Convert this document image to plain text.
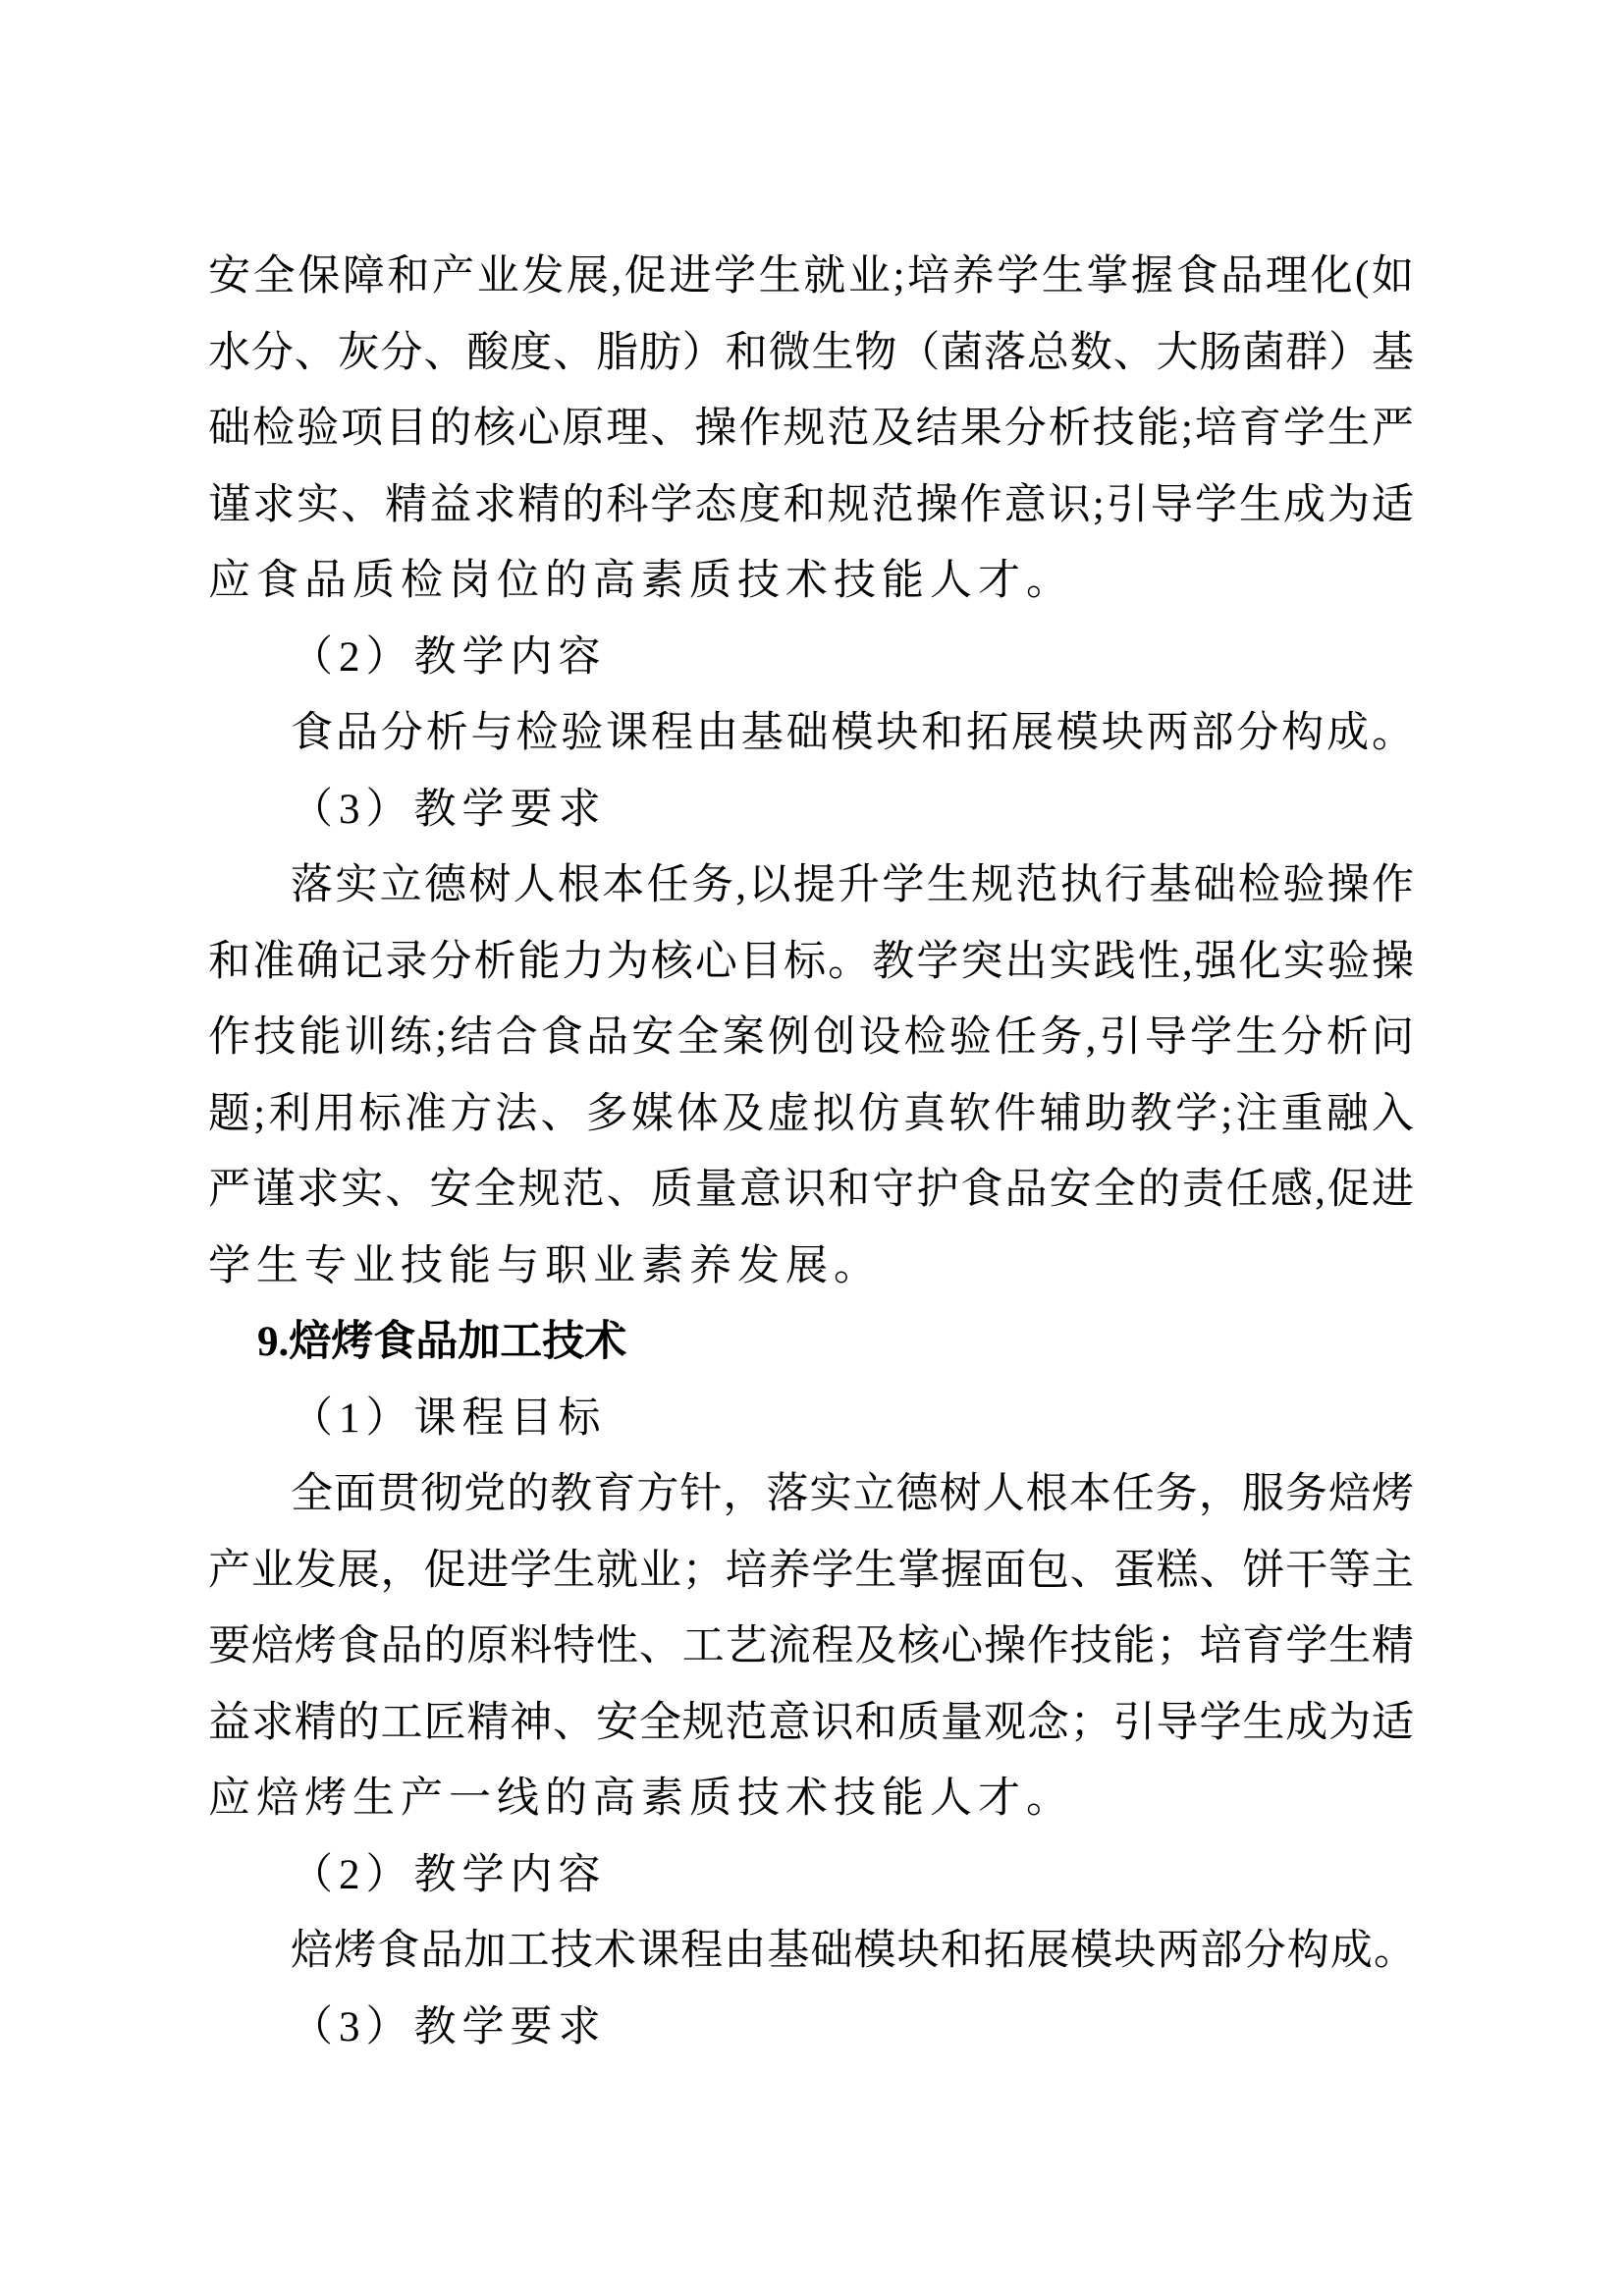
安全保障和产业发展,促进学生就业;培养学生掌握食品理化(如
水分、灰分、酸度、脂肪）和微生物（菌落总数、大肠菌群）基
础检验项目的核心原理、操作规范及结果分析技能;培育学生严
谨求实、精益求精的科学态度和规范操作意识;引导学生成为适
应食品质检岗位的高素质技术技能人才。
（2）教学内容
食品分析与检验课程由基础模块和拓展模块两部分构成。
（3）教学要求
落实立德树人根本任务,以提升学生规范执行基础检验操作
和准确记录分析能力为核心目标。教学突出实践性,强化实验操
作技能训练;结合食品安全案例创设检验任务,引导学生分析问
题;利用标准方法、多媒体及虚拟仿真软件辅助教学;注重融入
严谨求实、安全规范、质量意识和守护食品安全的责任感,促进
学生专业技能与职业素养发展。
9.焙烤食品加工技术
（1）课程目标
全面贯彻党的教育方针，落实立德树人根本任务，服务焙烤
产业发展，促进学生就业；培养学生掌握面包、蛋糕、饼干等主
要焙烤食品的原料特性、工艺流程及核心操作技能；培育学生精
益求精的工匠精神、安全规范意识和质量观念；引导学生成为适
应焙烤生产一线的高素质技术技能人才。
（2）教学内容
焙烤食品加工技术课程由基础模块和拓展模块两部分构成。
（3）教学要求
